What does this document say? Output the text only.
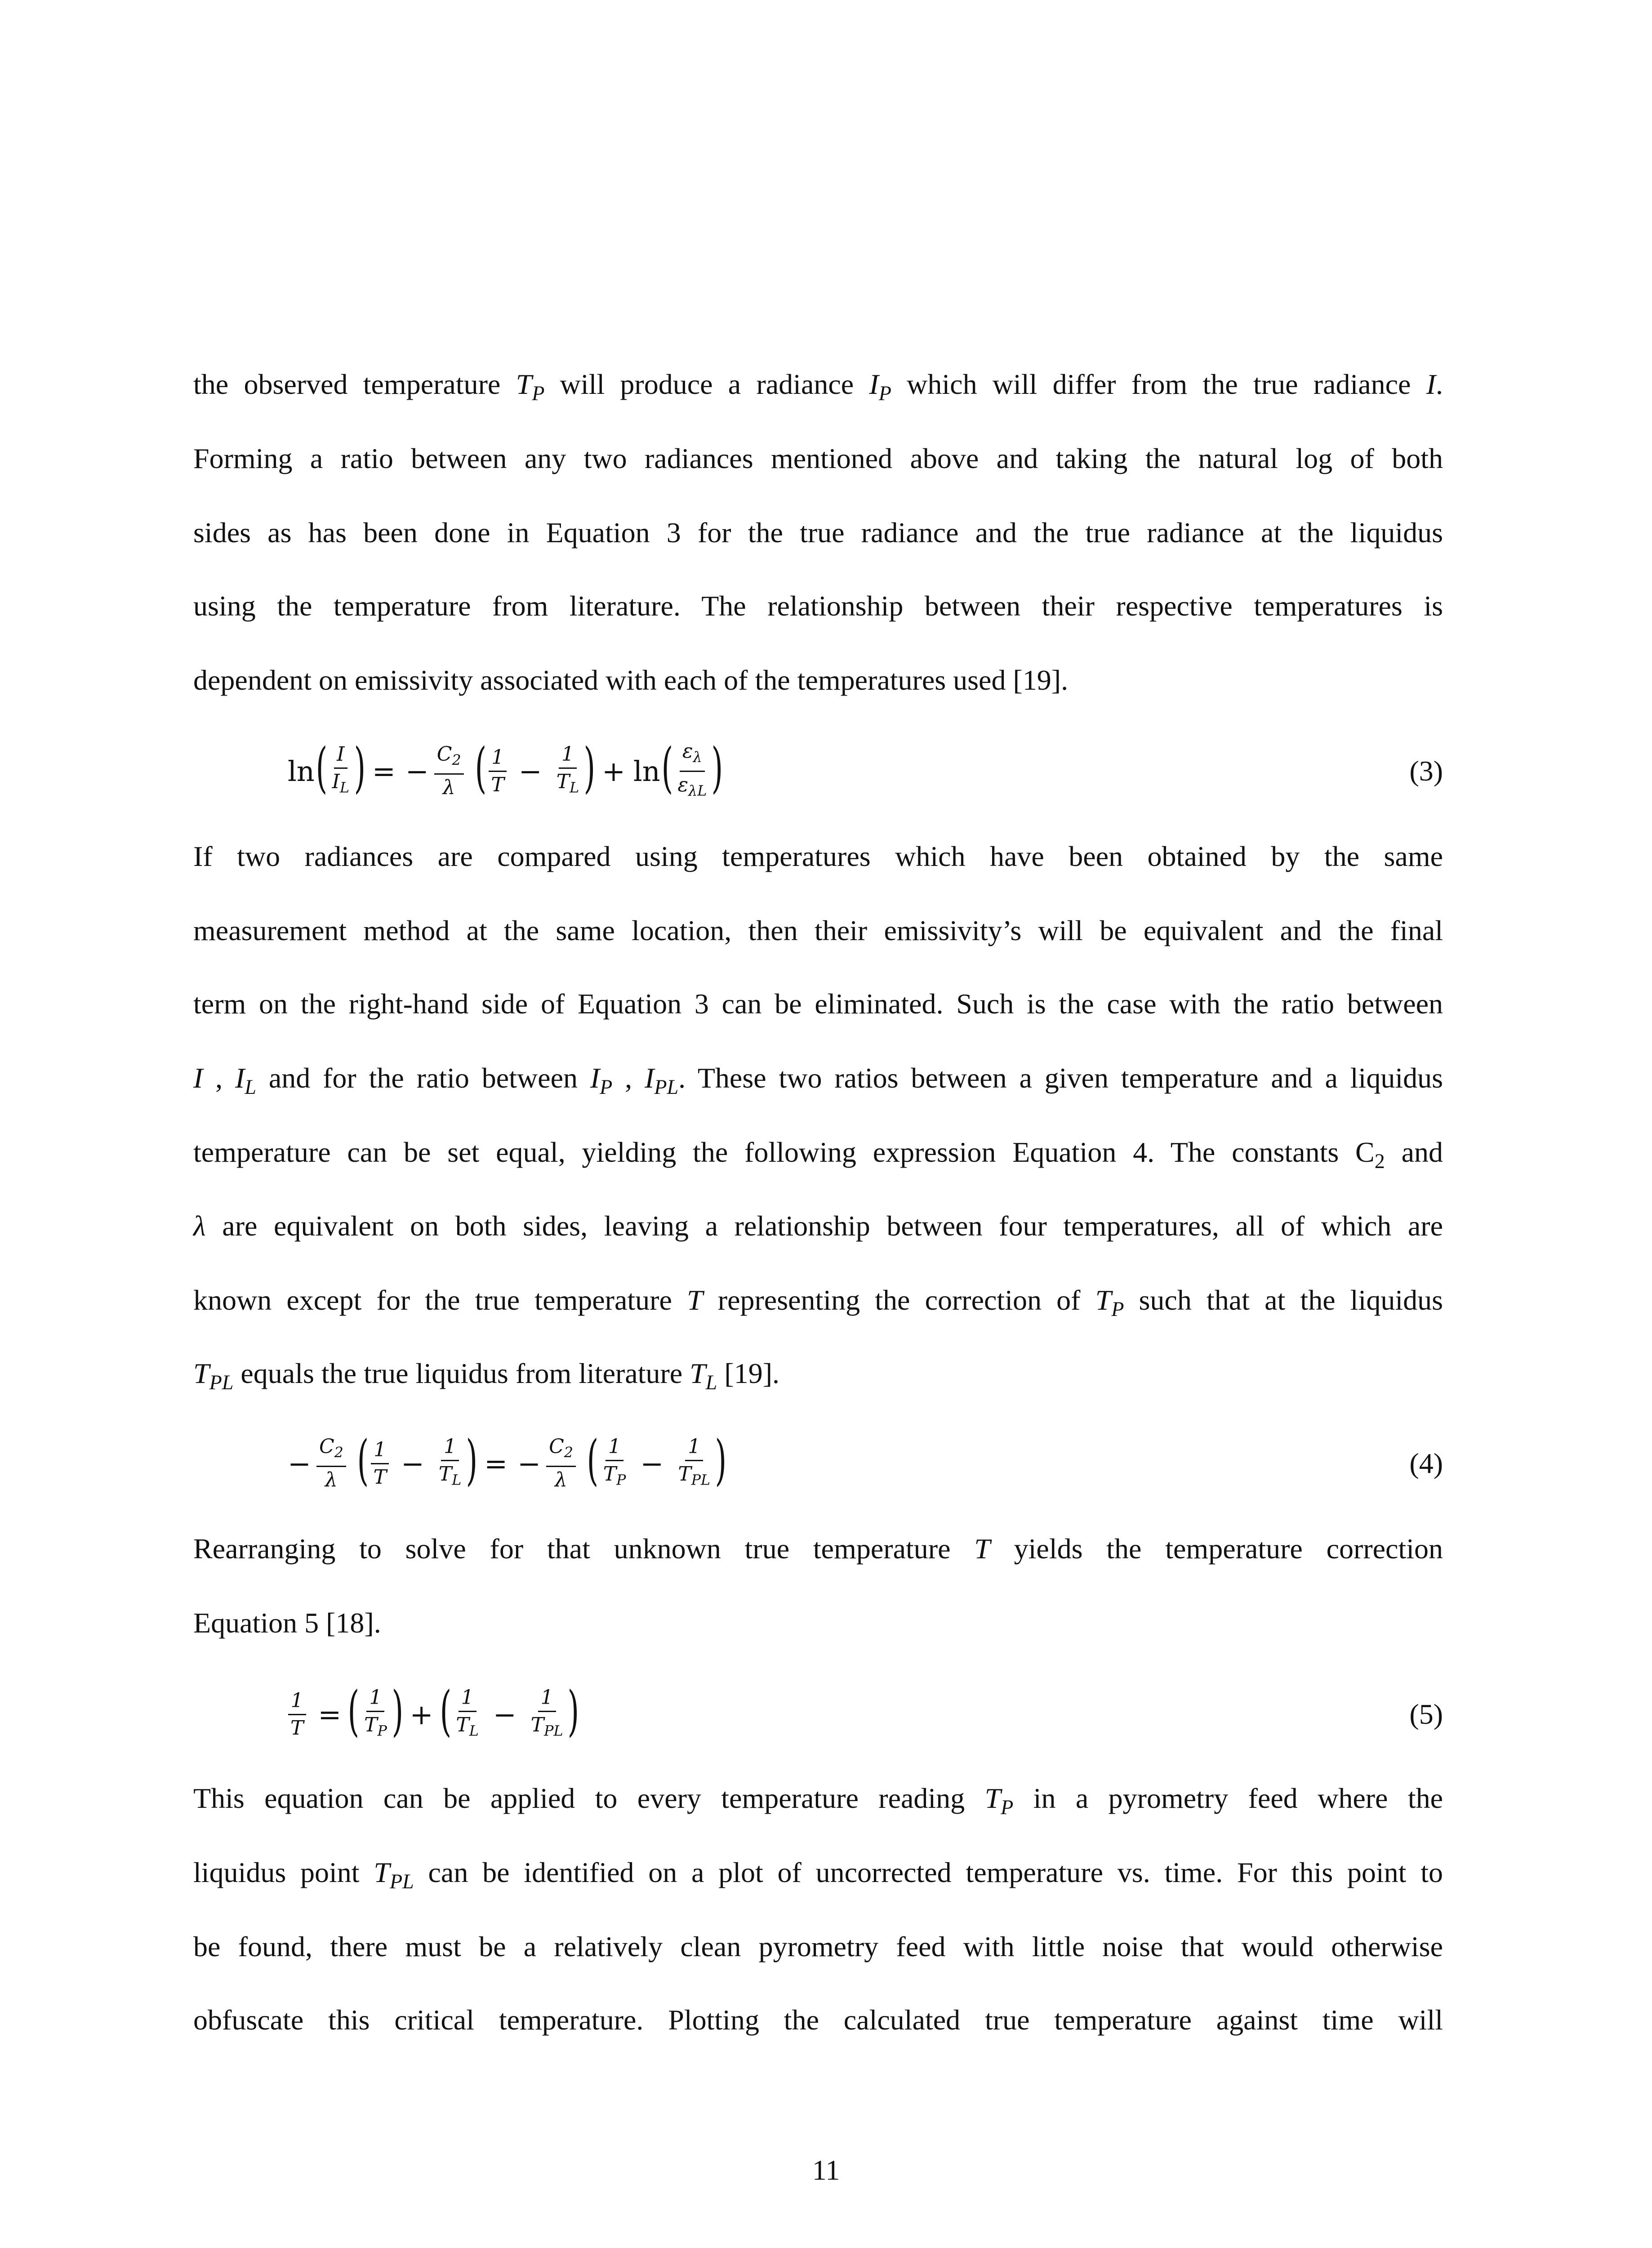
the observed temperature $T_P$ will produce a radiance $I_P$ which will differ from the true radiance I.
Forming a ratio between any two radiances mentioned above and taking the natural log of both
sides as has been done in Equation 3 for the true radiance and the true radiance at the liquidus
using the temperature from literature. The relationship between their respective temperatures is
dependent on emissivity associated with each of the temperatures used [19].
ln ( $\frac{I}{I_L}$ ) = − $\frac{C_2}{\lambda}$ ( $\frac{1}{T} - \frac{1}{T_L}$ ) + ln ( $\frac{\varepsilon_\lambda}{\varepsilon_{\lambda L}}$ )	(3)
If two radiances are compared using temperatures which have been obtained by the same
measurement method at the same location, then their emissivity’s will be equivalent and the final
term on the right-hand side of Equation 3 can be eliminated. Such is the case with the ratio between
I , $I_L$ and for the ratio between $I_P$ , $I_{PL}$. These two ratios between a given temperature and a liquidus
temperature can be set equal, yielding the following expression Equation 4. The constants $C_2$ and
λ are equivalent on both sides, leaving a relationship between four temperatures, all of which are
known except for the true temperature T representing the correction of $T_P$ such that at the liquidus
$T_{PL}$ equals the true liquidus from literature $T_L$ [19].
− $\frac{C_2}{\lambda}$ ( $\frac{1}{T} - \frac{1}{T_L}$ ) = − $\frac{C_2}{\lambda}$ ( $\frac{1}{T_P} - \frac{1}{T_{PL}}$ )	(4)
Rearranging to solve for that unknown true temperature T yields the temperature correction
Equation 5 [18].
$\frac{1}{T}$ = ( $\frac{1}{T_P}$ ) + ( $\frac{1}{T_L} - \frac{1}{T_{PL}}$ )	(5)
This equation can be applied to every temperature reading $T_P$ in a pyrometry feed where the
liquidus point $T_{PL}$ can be identified on a plot of uncorrected temperature vs. time. For this point to
be found, there must be a relatively clean pyrometry feed with little noise that would otherwise
obfuscate this critical temperature. Plotting the calculated true temperature against time will
11
